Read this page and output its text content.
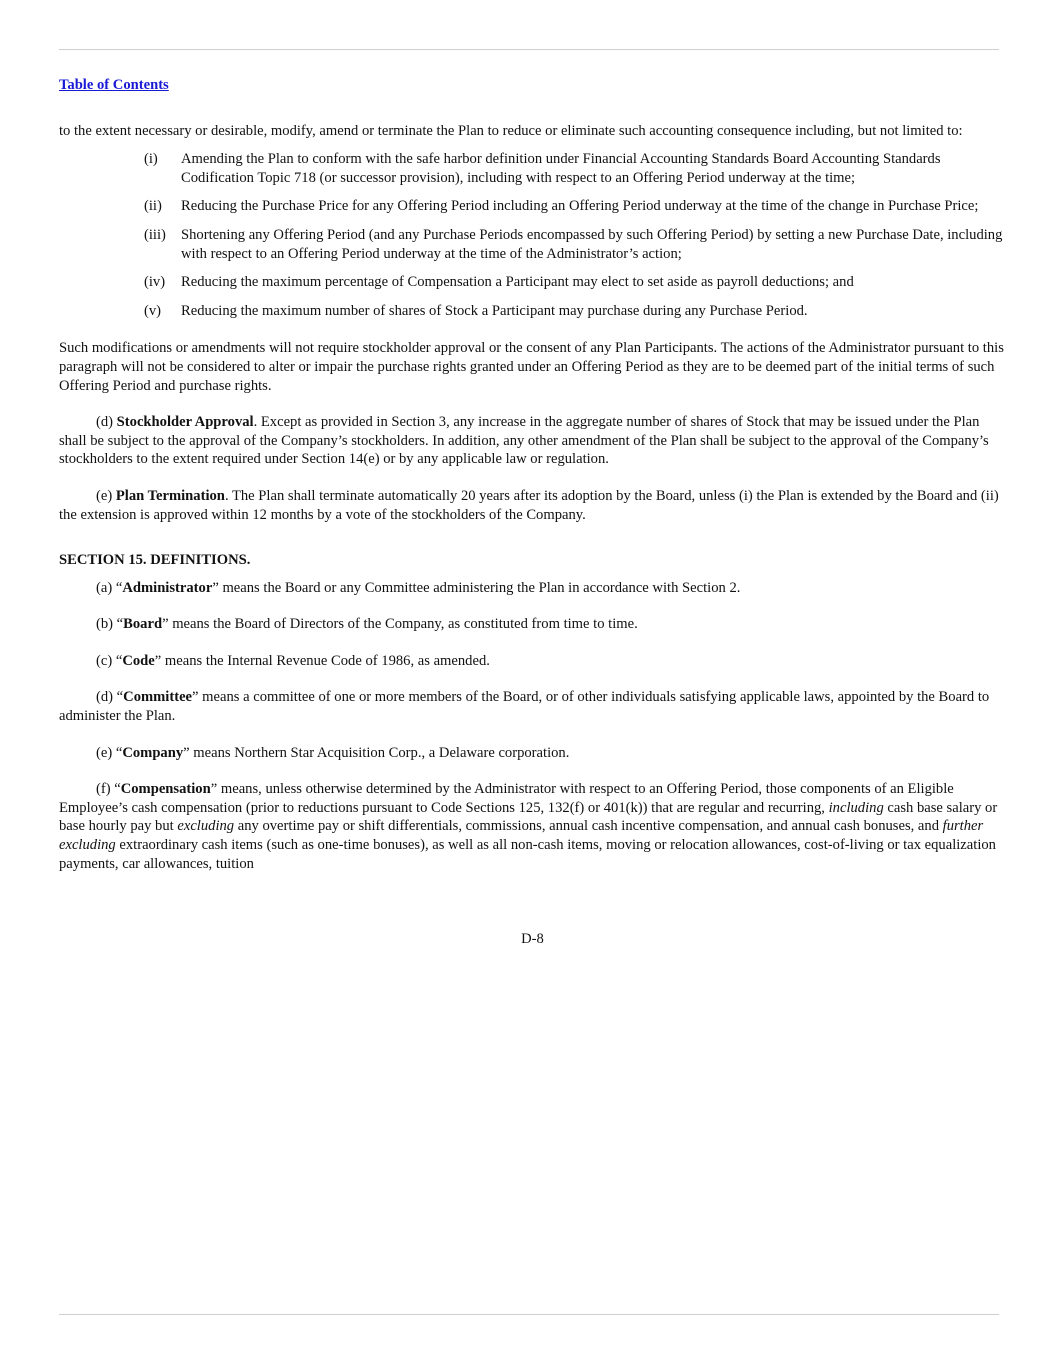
Table of Contents

to the extent necessary or desirable, modify, amend or terminate the Plan to reduce or eliminate such accounting consequence including, but not limited to:

(i) Amending the Plan to conform with the safe harbor definition under Financial Accounting Standards Board Accounting Standards Codification Topic 718 (or successor provision), including with respect to an Offering Period underway at the time;
(ii) Reducing the Purchase Price for any Offering Period including an Offering Period underway at the time of the change in Purchase Price;
(iii) Shortening any Offering Period (and any Purchase Periods encompassed by such Offering Period) by setting a new Purchase Date, including with respect to an Offering Period underway at the time of the Administrator’s action;
(iv) Reducing the maximum percentage of Compensation a Participant may elect to set aside as payroll deductions; and
(v) Reducing the maximum number of shares of Stock a Participant may purchase during any Purchase Period.

Such modifications or amendments will not require stockholder approval or the consent of any Plan Participants. The actions of the Administrator pursuant to this paragraph will not be considered to alter or impair the purchase rights granted under an Offering Period as they are to be deemed part of the initial terms of such Offering Period and purchase rights.

(d) Stockholder Approval. Except as provided in Section 3, any increase in the aggregate number of shares of Stock that may be issued under the Plan shall be subject to the approval of the Company’s stockholders. In addition, any other amendment of the Plan shall be subject to the approval of the Company’s stockholders to the extent required under Section 14(e) or by any applicable law or regulation.

(e) Plan Termination. The Plan shall terminate automatically 20 years after its adoption by the Board, unless (i) the Plan is extended by the Board and (ii) the extension is approved within 12 months by a vote of the stockholders of the Company.

SECTION 15. DEFINITIONS.

(a) “Administrator” means the Board or any Committee administering the Plan in accordance with Section 2.

(b) “Board” means the Board of Directors of the Company, as constituted from time to time.

(c) “Code” means the Internal Revenue Code of 1986, as amended.

(d) “Committee” means a committee of one or more members of the Board, or of other individuals satisfying applicable laws, appointed by the Board to administer the Plan.

(e) “Company” means Northern Star Acquisition Corp., a Delaware corporation.

(f) “Compensation” means, unless otherwise determined by the Administrator with respect to an Offering Period, those components of an Eligible Employee’s cash compensation (prior to reductions pursuant to Code Sections 125, 132(f) or 401(k)) that are regular and recurring, including cash base salary or base hourly pay but excluding any overtime pay or shift differentials, commissions, annual cash incentive compensation, and annual cash bonuses, and further excluding extraordinary cash items (such as one-time bonuses), as well as all non-cash items, moving or relocation allowances, cost-of-living or tax equalization payments, car allowances, tuition

D-8
